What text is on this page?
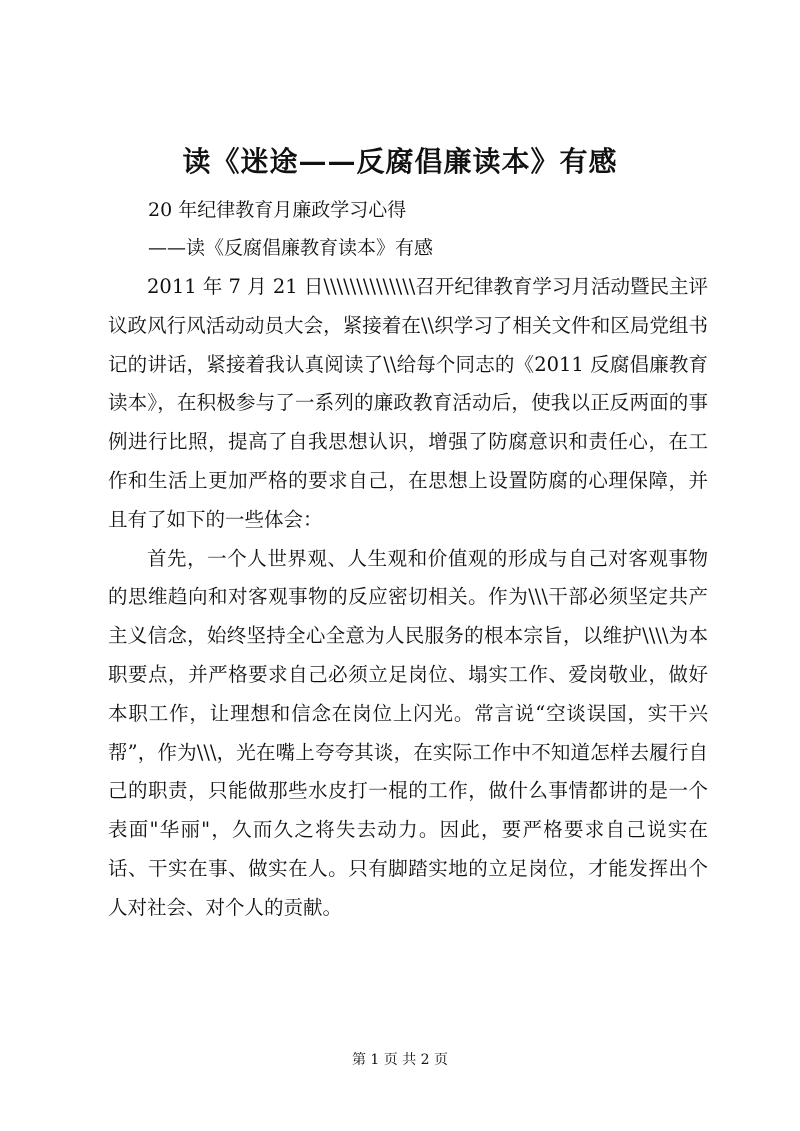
读《迷途——反腐倡廉读本》有感
20 年纪律教育月廉政学习心得
——读《反腐倡廉教育读本》有感

2011 年 7 月 21 日\\\\\\\\\\\\\\召开纪律教育学习月活动暨民主评议政风行风活动动员大会，紧接着在\\织学习了相关文件和区局党组书记的讲话，紧接着我认真阅读了\\给每个同志的《2011 反腐倡廉教育读本》，在积极参与了一系列的廉政教育活动后，使我以正反两面的事例进行比照，提高了自我思想认识，增强了防腐意识和责任心，在工作和生活上更加严格的要求自己，在思想上设置防腐的心理保障，并且有了如下的一些体会：

首先，一个人世界观、人生观和价值观的形成与自己对客观事物的思维趋向和对客观事物的反应密切相关。作为\\\干部必须坚定共产主义信念，始终坚持全心全意为人民服务的根本宗旨，以维护\\\\为本职要点，并严格要求自己必须立足岗位、塌实工作、爱岗敬业，做好本职工作，让理想和信念在岗位上闪光。常言说“空谈误国，实干兴帮”，作为\\\，光在嘴上夸夸其谈，在实际工作中不知道怎样去履行自己的职责，只能做那些水皮打一棍的工作，做什么事情都讲的是一个表面"华丽"，久而久之将失去动力。因此，要严格要求自己说实在话、干实在事、做实在人。只有脚踏实地的立足岗位，才能发挥出个人对社会、对个人的贡献。

第 1 页 共 2 页
